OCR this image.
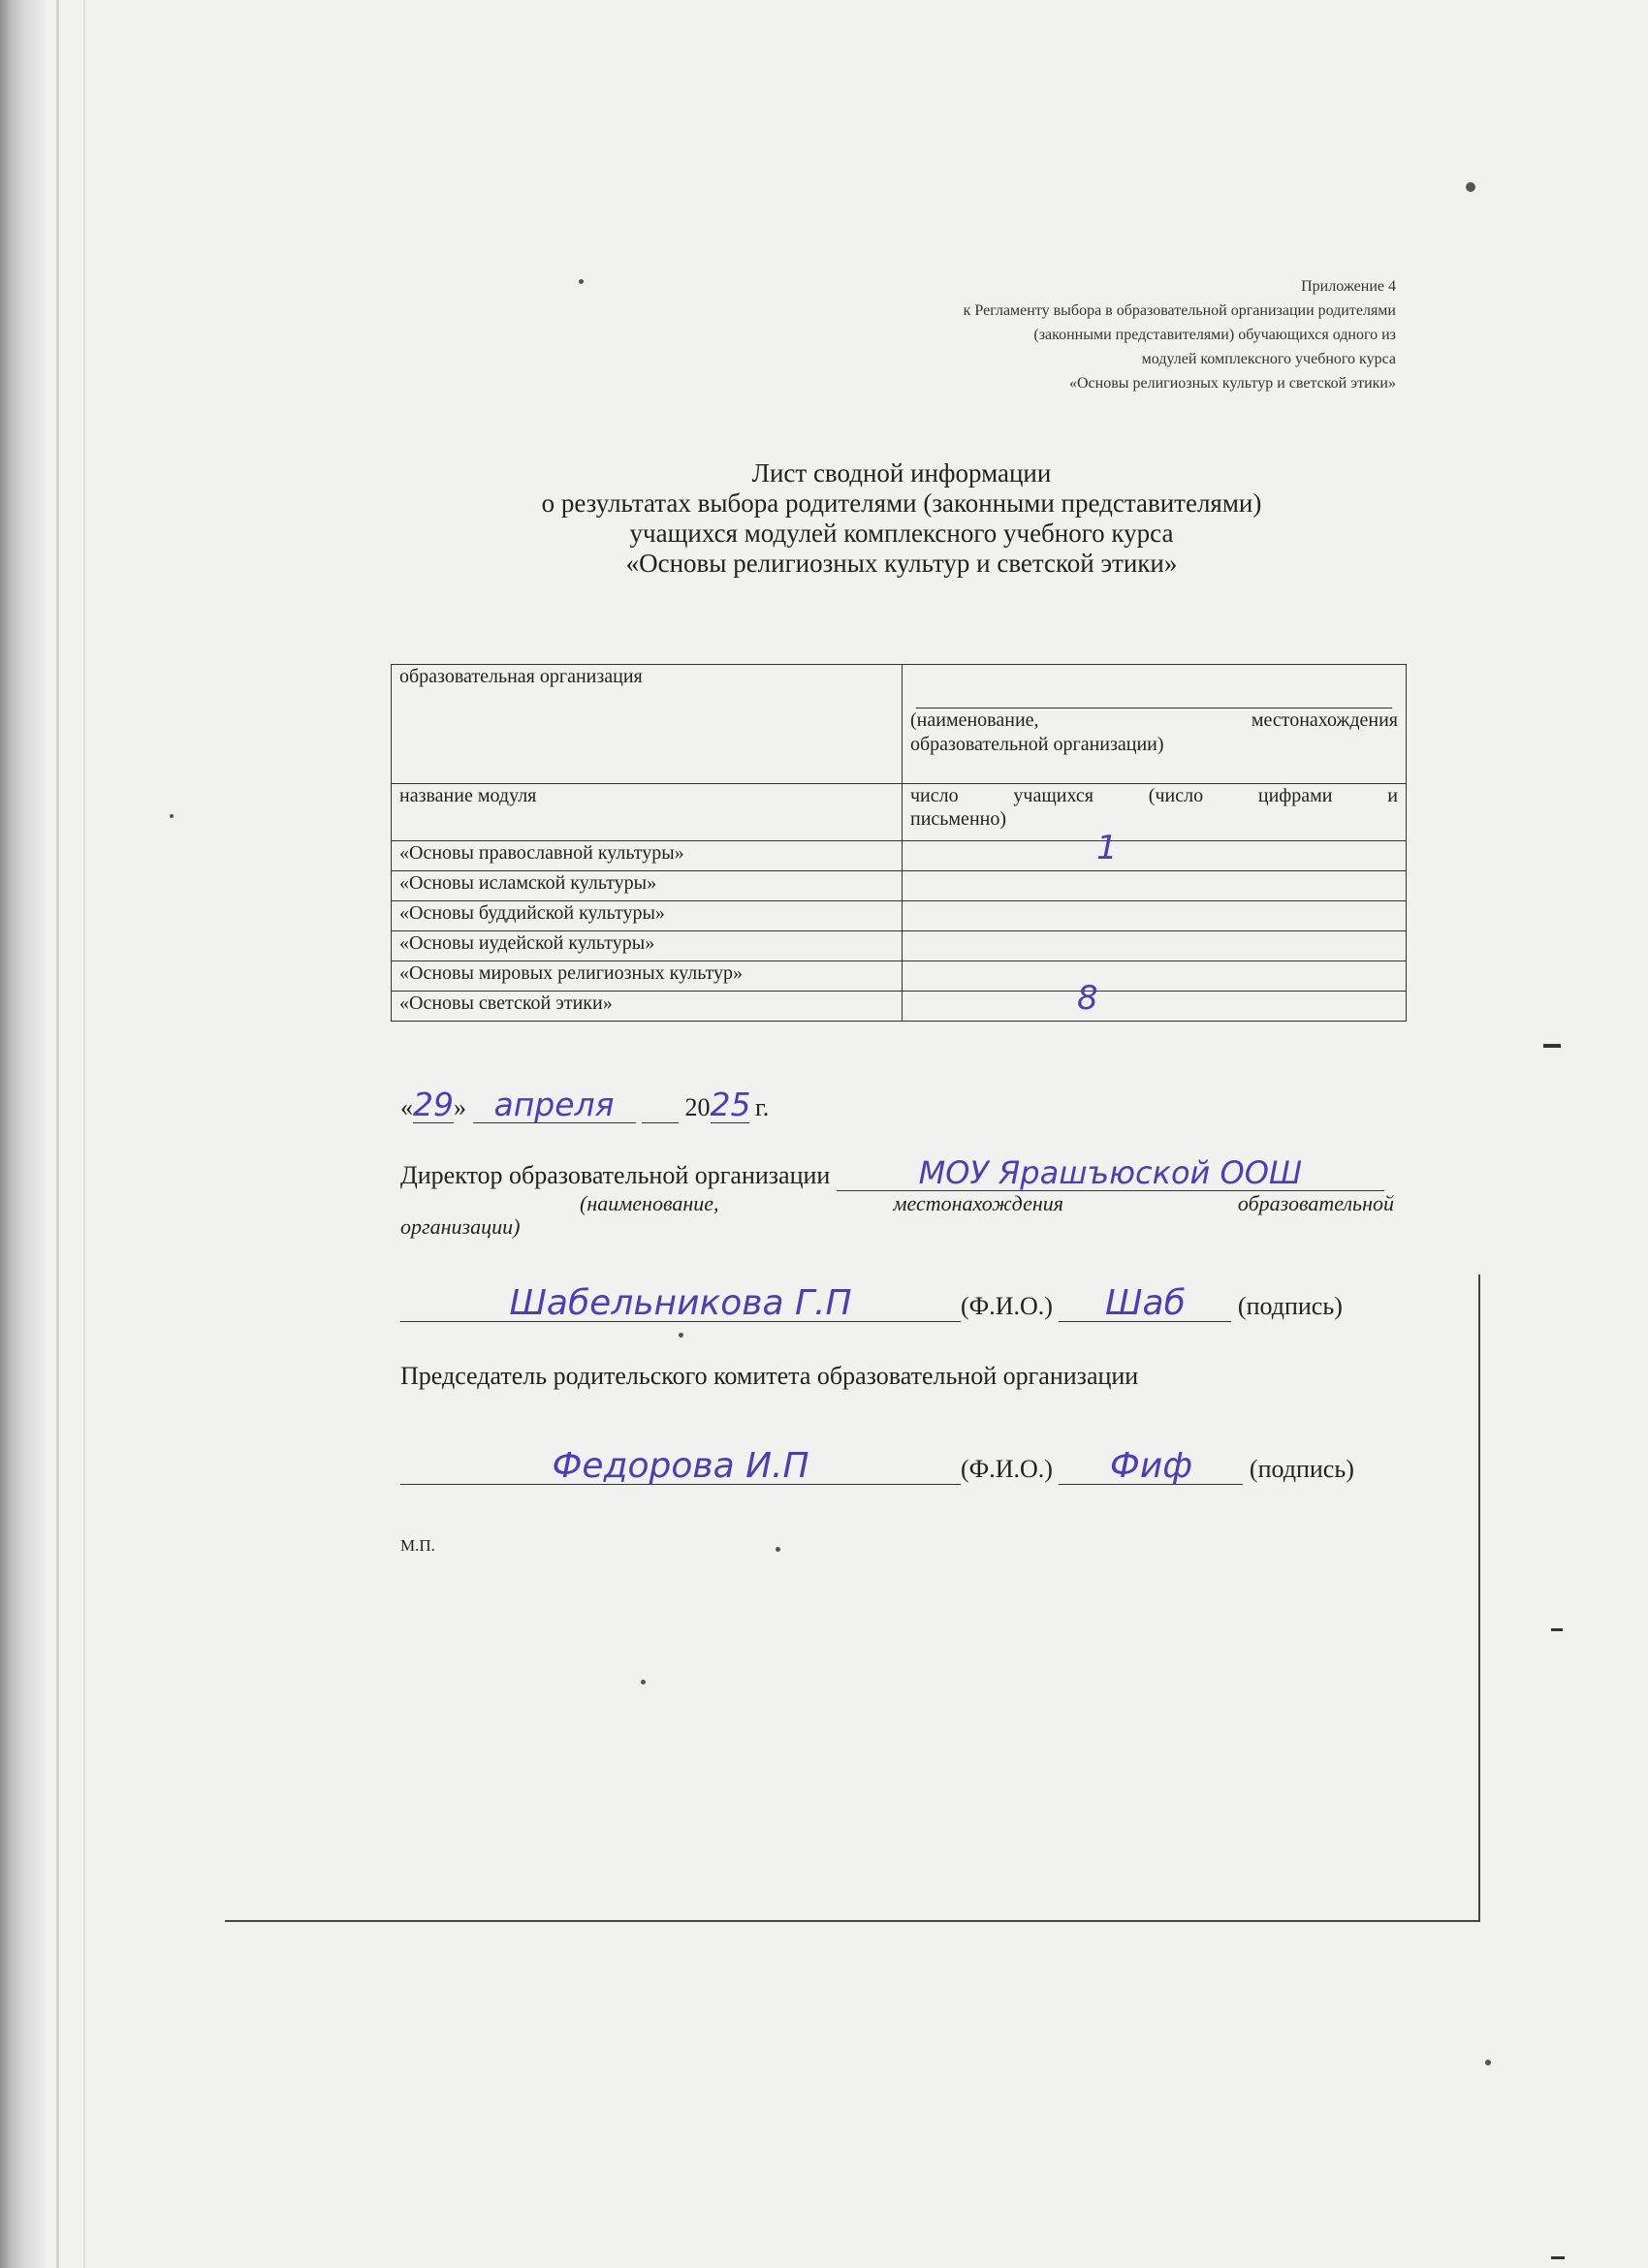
Приложение 4
к Регламенту выбора в образовательной организации родителями
(законными представителями) обучающихся одного из
модулей комплексного учебного курса
«Основы религиозных культур и светской этики»
Лист сводной информации
о результатах выбора родителями (законными представителями)
учащихся модулей комплексного учебного курса
«Основы религиозных культур и светской этики»
образовательная организация	(наименование, местонахождения
образовательной организации)

название модуля	число учащихся (число цифрами и
письменно)

«Основы православной культуры»	1

«Основы исламской культуры»	

«Основы буддийской культуры»	

«Основы иудейской культуры»	

«Основы мировых религиозных культур»	

«Основы светской этики»	8
«29» апреля	2025 г.
Директор образовательной организации	МОУ Ярашъюской ООШ
(наименование, местонахождения образовательной
организации)
Шабельникова Г.П	(Ф.И.О.) Шаб (подпись)
Председатель родительского комитета образовательной организации
Федорова И.П	(Ф.И.О.) Фиф (подпись)
М.П.
